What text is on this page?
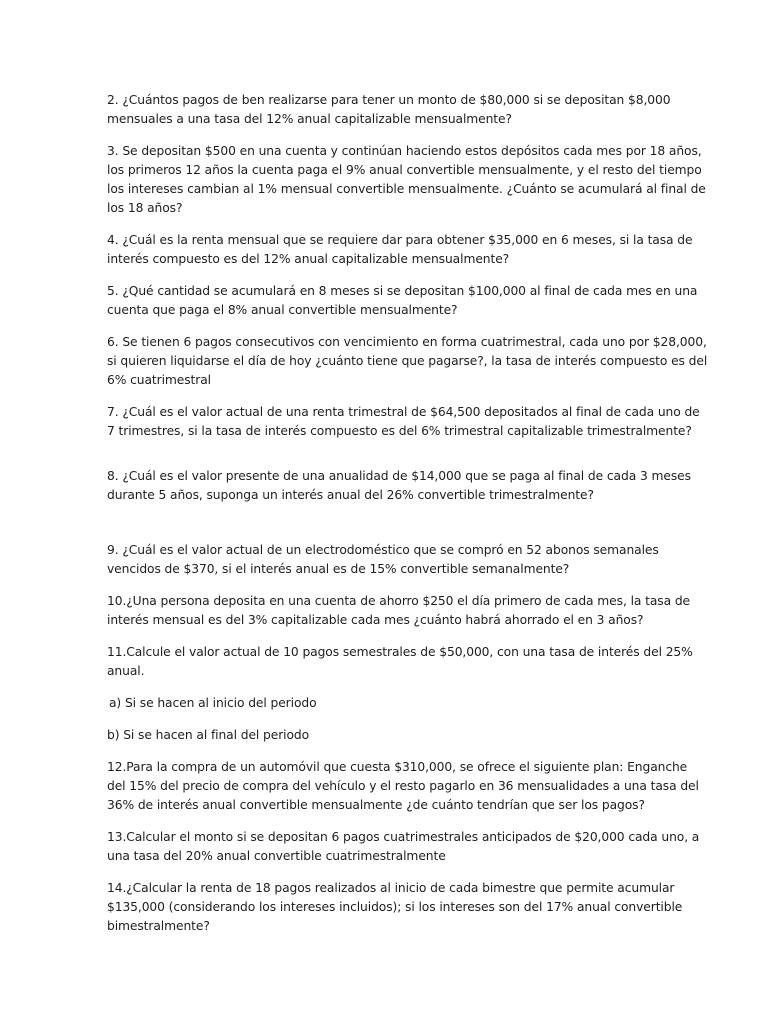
2. ¿Cuántos pagos de ben realizarse para tener un monto de $80,000 si se depositan $8,000 mensuales a una tasa del 12% anual capitalizable mensualmente?

3. Se depositan $500 en una cuenta y continúan haciendo estos depósitos cada mes por 18 años, los primeros 12 años la cuenta paga el 9% anual convertible mensualmente, y el resto del tiempo los intereses cambian al 1% mensual convertible mensualmente. ¿Cuánto se acumulará al final de los 18 años?

4. ¿Cuál es la renta mensual que se requiere dar para obtener $35,000 en 6 meses, si la tasa de interés compuesto es del 12% anual capitalizable mensualmente?

5. ¿Qué cantidad se acumulará en 8 meses si se depositan $100,000 al final de cada mes en una cuenta que paga el 8% anual convertible mensualmente?

6. Se tienen 6 pagos consecutivos con vencimiento en forma cuatrimestral, cada uno por $28,000, si quieren liquidarse el día de hoy ¿cuánto tiene que pagarse?, la tasa de interés compuesto es del 6% cuatrimestral

7. ¿Cuál es el valor actual de una renta trimestral de $64,500 depositados al final de cada uno de 7 trimestres, si la tasa de interés compuesto es del 6% trimestral capitalizable trimestralmente?

8. ¿Cuál es el valor presente de una anualidad de $14,000 que se paga al final de cada 3 meses durante 5 años, suponga un interés anual del 26% convertible trimestralmente?

9. ¿Cuál es el valor actual de un electrodoméstico que se compró en 52 abonos semanales vencidos de $370, si el interés anual es de 15% convertible semanalmente?

10.¿Una persona deposita en una cuenta de ahorro $250 el día primero de cada mes, la tasa de interés mensual es del 3% capitalizable cada mes ¿cuánto habrá ahorrado el en 3 años?

11.Calcule el valor actual de 10 pagos semestrales de $50,000, con una tasa de interés del 25% anual.

a) Si se hacen al inicio del periodo

b) Si se hacen al final del periodo

12.Para la compra de un automóvil que cuesta $310,000, se ofrece el siguiente plan: Enganche del 15% del precio de compra del vehículo y el resto pagarlo en 36 mensualidades a una tasa del 36% de interés anual convertible mensualmente ¿de cuánto tendrían que ser los pagos?

13.Calcular el monto si se depositan 6 pagos cuatrimestrales anticipados de $20,000 cada uno, a una tasa del 20% anual convertible cuatrimestralmente

14.¿Calcular la renta de 18 pagos realizados al inicio de cada bimestre que permite acumular $135,000 (considerando los intereses incluidos); si los intereses son del 17% anual convertible bimestralmente?
